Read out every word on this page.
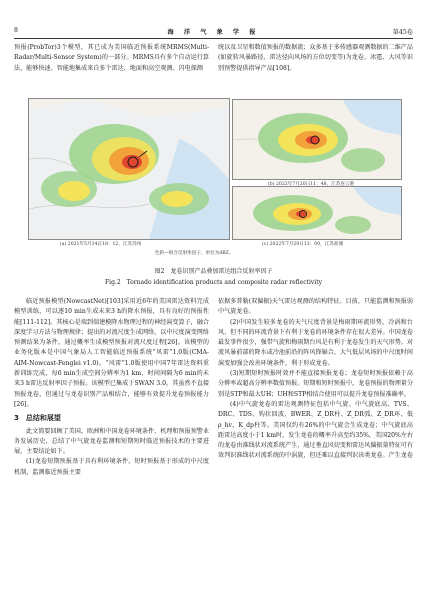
8	海 洋 气 象 学 报	第45卷

预报(ProbTor)3个模型，其已成为美国临近预报系统MRMS(Multi-Radar/Multi-Sensor System)的一部分。MRMS具有多个自动运行算法，能够快速、智能地集成来自多个雷达、地面和高空观测、闪电探测

统以及卫星和数值预报的数据流；众多基于多传感器观测数据的二维产品(如旋转风暴路径、雷达径向风场的方位切变等)为龙卷、冰雹、大风等识别预警提供指导产品[108]。

(a) 2021年5月14日18：12，江苏苏州
(b) 2022年7月20日11：48，江苏连云港
(c) 2022年7月20日13：00，江苏盐城
色阶—组合反射率因子，单位为dBZ。
图2　龙卷识别产品叠加雷达组合反射率因子
Fig.2　Tornado identification products and composite radar reflectivity

临近预报模型(NowcastNet)[103]采用近6年的美国雷达资料完成模型训练，可以逐10 min生成未来3 h的降水预报，具有良好的预报性能[111-112]。其核心是端到端建模降水物理过程的神经演变算子，融合深度学习方法与物理规律；提出的对流尺度生成网络，以中尺度演变网络预测结果为条件，通过概率生成模型预报对流尺度过程[26]。该模型的业务化版本是中国气象局人工智能临近预报系统“风雷”1.0版(CMA-AIM-Nowcast-Fenglei v1.0)。“风雷”1.0版使用中国7年雷达资料重新训练完成，每6 min生成空间分辨率为1 km、时间间隔为6 min的未来3 h雷达反射率因子预报。该模型已集成于SWAN 3.0，其虽然不直接预报龙卷，但通过与龙卷识别产品相结合，能够有效提升龙卷预报能力[26]。

3　总结和展望

此文简要回顾了美国、欧洲和中国龙卷环境条件、机理和预报预警业务发展历史，总结了中气旋龙卷监测和短期短时临近预报技术的主要进展，主要结论如下。

(1)龙卷短期预报基于具有利环境条件，短时预报基于形成的中尺度机制，监测临近预报主要

依据多普勒(双偏振)天气雷达观测的结构特征。目前，只能监测和预报弱中气旋龙卷。

(2)中国发生较多龙卷的天气尺度背景是梅雨期环流形势、冷涡和台风，但不同的环流背景下有利于龙卷的环境条件存在很大差异。中国龙卷最发事件很少，强带气旋和梅雨期台风是有利于龙卷发生的天气形势。对流风暴前部的降水或冷池前沿的阵风锋辐合、大气低层风场的中尺度时间演变加强会改善环境条件，利于形成龙卷。

(3)短期短时预报时效并不能直接预报龙卷；龙卷短时预报依赖于高分辨率或超高分辨率数值预报。短期和短时预报中，龙卷预报的物理量分别是STP和最大UH；UH和STP相结合使用可以提升龙卷预报准确率。

(4)中气旋龙卷的雷达观测特征包括中气旋、中气旋底高、TVS、DRC、TDS、钩状回波、BWER、Z_DR柱、Z_DR弧、Z_DR环、低ρ_hv、K_dp柱等。美国仅约有26%的中气旋会生成龙卷；中气旋底高距雷达高度小于1 km时，发生龙卷的概率升高至约35%，美国20%左右的龙卷由准线状对流系统产生，通过垂直风切变和雷达风偏振量特征可有效判识准线状对流系统的中涡旋，但还难以直接判识该类龙卷。产生龙卷
